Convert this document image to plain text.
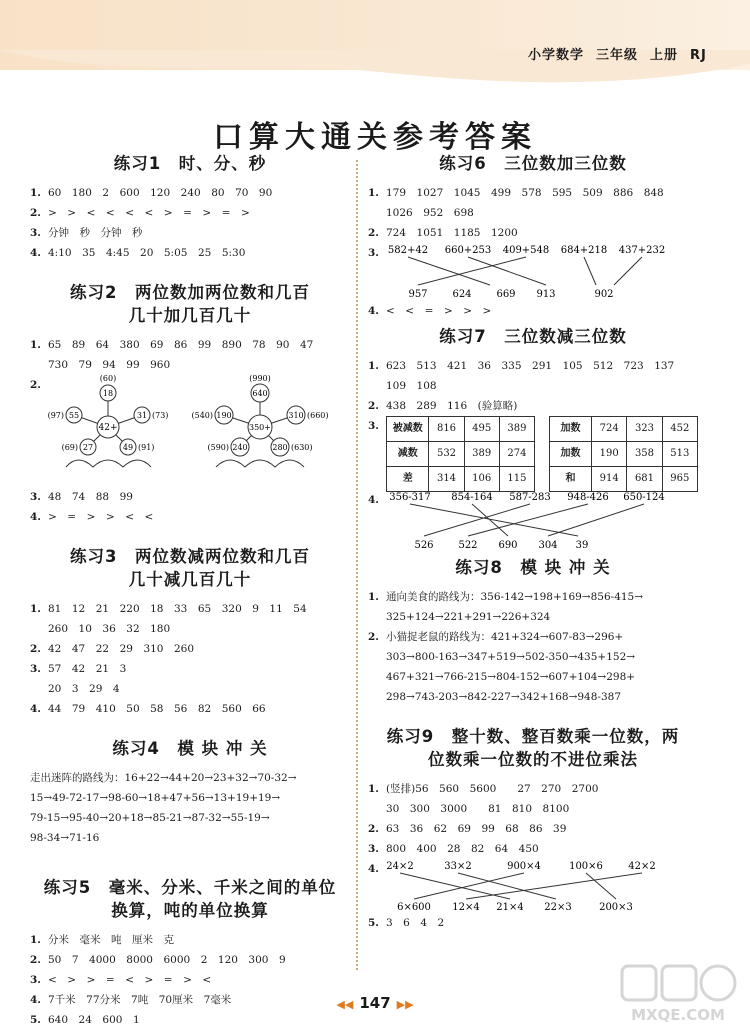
小学数学 三年级 上册 RJ
口算大通关参考答案
练习1　时、分、秒
1. 60　180　2　600　120　240　80　70　90
2. >　>　<　<　<　<　>　=　>　=　>
3. 分钟　秒　分钟　秒
4. 4:10　35　4:45　20　5:05　25　5:30
练习2　两位数加两位数和几百
几十加几百几十
1. 65　89　64　380　69　86　99　890　78　90　47
730　79　94　99　960
2.
42+
18
(60)
55
(97)	31 (73)
27
(69)	49 (91)
350+
640
(990)
190
(540)	310 (660)
240
(590)	280 (630)
3. 48　74　88　99
4. >　=　>　>　<　<
练习3　两位数减两位数和几百
几十减几百几十
1. 81　12　21　220　18　33　65　320　9　11　54
260　10　36　32　180
2. 42　47　22　29　310　260
3. 57　42　21　3
20　3　29　4
4. 44　79　410　50　58　56　82　560　66
练习4　模 块 冲 关
走出迷阵的路线为：16+22→44+20→23+32→70-32→
15→49-72-17→98-60→18+47+56→13+19+19→
79-15→95-40→20+18→85-21→87-32→55-19→
98-34→71-16
练习5　毫米、分米、千米之间的单位
换算，吨的单位换算
1. 分米　毫米　吨　厘米　克
2. 50　7　4000　8000　6000　2　120　300　9
3. <　>　>　=　<　>　=　>　<
4. 7千米　77分米　7吨　70厘米　7毫米
5. 640　24　600　1
练习6　三位数加三位数
1. 179　1027　1045　499　578　595　509　886　848
1026　952　698
2. 724　1051　1185　1200
3. 582+42 660+253 409+548 684+218 437+232
957 624 669 913	902
4. <　<　=　>　>　>
练习7　三位数减三位数
1. 623　513　421　36　335　291　105　512　723　137
109　108
2. 438　289　116　(验算略)
3.	被减数	816	495	389
减数	532	389	274
差	314	106	115
加数	724	323	452
加数	190	358	513
和	914	681	965
4.	356-317 854-164 587-283 948-426 650-124
526 522 690 304 39
练习8　模 块 冲 关
1. 通向美食的路线为：356-142→198+169→856-415→
325+124→221+291→226+324
2. 小猫捉老鼠的路线为：421+324→607-83→296+
303→800-163→347+519→502-350→435+152→
467+321→766-215→804-152→607+104→298+
298→743-203→842-227→342+168→948-387
练习9　整十数、整百数乘一位数，两
位数乘一位数的不进位乘法
1. (竖排)56　560　5600　　27　270　2700
30　300　3000　　81　810　8100
2. 63　36　62　69　99　68　86　39
3. 800　400　28　82　64　450
4. 24×2	33×2	900×4	100×6	42×2
6×600 12×4 21×4 22×3	200×3
5. 3　6　4　2
◀◀ 147 ▶▶
MXQE.COM
